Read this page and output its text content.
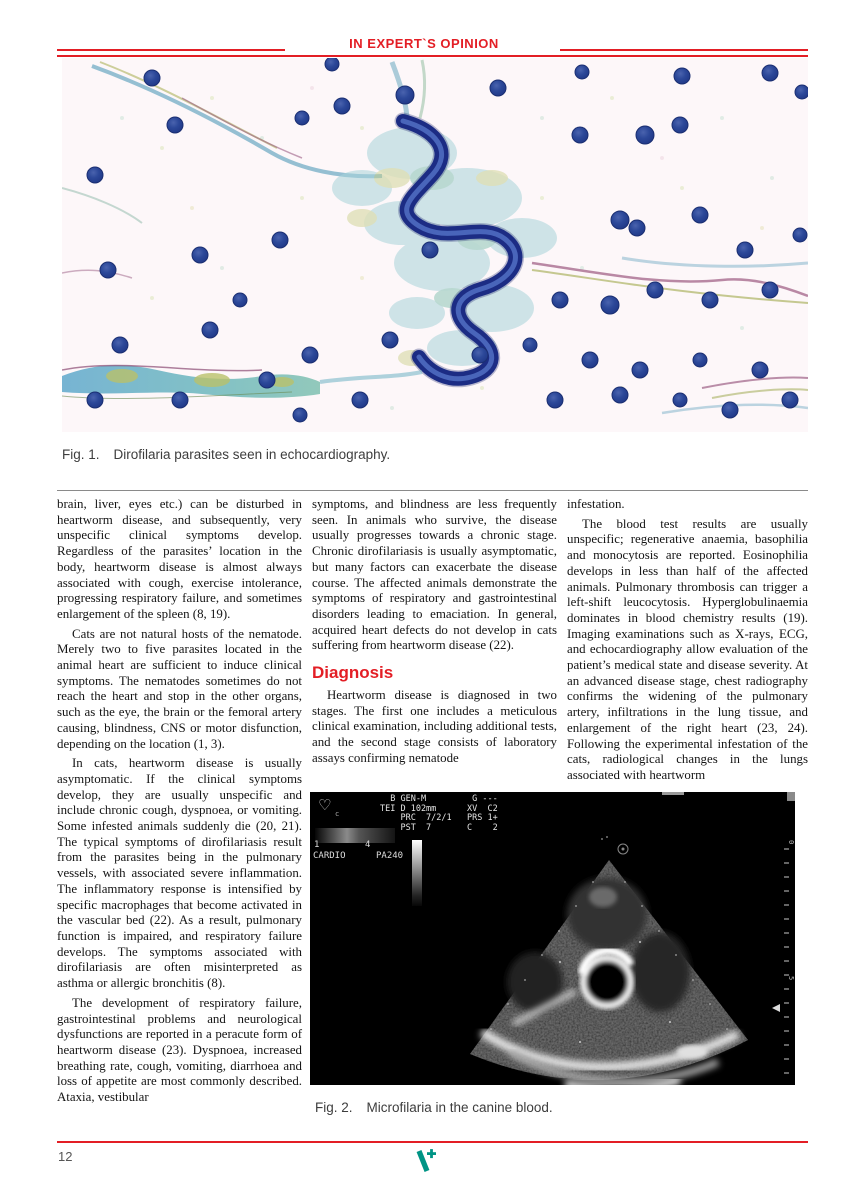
IN EXPERT`S OPINION
Fig. 1. Dirofilaria parasites seen in echocardiography.

brain, liver, eyes etc.) can be disturbed in heartworm disease, and subsequently, very unspecific clinical symptoms develop. Regardless of the parasites’ location in the body, heartworm disease is almost always associated with cough, exercise intolerance, progressing respiratory failure, and sometimes enlargement of the spleen (8, 19).

Cats are not natural hosts of the nematode. Merely two to five parasites located in the animal heart are sufficient to induce clinical symptoms. The nematodes sometimes do not reach the heart and stop in the other organs, such as the eye, the brain or the femoral artery causing, blindness, CNS or motor disfunction, depending on the location (1, 3).

In cats, heartworm disease is usually asymptomatic. If the clinical symptoms develop, they are usually unspecific and include chronic cough, dyspnoea, or vomiting. Some infested animals suddenly die (20, 21). The typical symptoms of dirofilariasis result from the parasites being in the pulmonary vessels, with associated severe inflammation. The inflammatory response is intensified by specific macrophages that become activated in the vascular bed (22). As a result, pulmonary function is impaired, and respiratory failure develops. The symptoms associated with dirofilariasis are often misinterpreted as asthma or allergic bronchitis (8).

The development of respiratory failure, gastrointestinal problems and neurological dysfunctions are reported in a peracute form of heartworm disease (23). Dyspnoea, increased breathing rate, cough, vomiting, diarrhoea and loss of appetite are most commonly described. Ataxia, vestibular

symptoms, and blindness are less frequently seen. In animals who survive, the disease usually progresses towards a chronic stage. Chronic dirofilariasis is usually asymptomatic, but many factors can exacerbate the disease course. The affected animals demonstrate the symptoms of respiratory and gastrointestinal disorders leading to emaciation. In general, acquired heart defects do not develop in cats suffering from heartworm disease (22).

Diagnosis

Heartworm disease is diagnosed in two stages. The first one includes a meticulous clinical examination, including additional tests, and the second stage consists of laboratory assays confirming nematode

infestation.

The blood test results are usually unspecific; regenerative anaemia, basophilia and monocytosis are reported. Eosinophilia develops in less than half of the affected animals. Pulmonary thrombosis can trigger a left-shift leucocytosis. Hyperglobulinaemia dominates in blood chemistry results (19). Imaging examinations such as X-rays, ECG, and echocardiography allow evaluation of the patient’s medical state and disease severity. At an advanced disease stage, chest radiography confirms the widening of the pulmonary artery, infiltrations in the lung tissue, and enlargement of the right heart (23, 24). Following the experimental infestation of the cats, radiological changes in the lungs associated with heartworm

♡ c
1	4
CARDIO	PA240
B GEN-M         G ---
TEI D 102mm      XV  C2
PRC  7/2/1   PRS 1+
PST  7       C    2
0
5
Fig. 2. Microfilaria in the canine blood.
12
